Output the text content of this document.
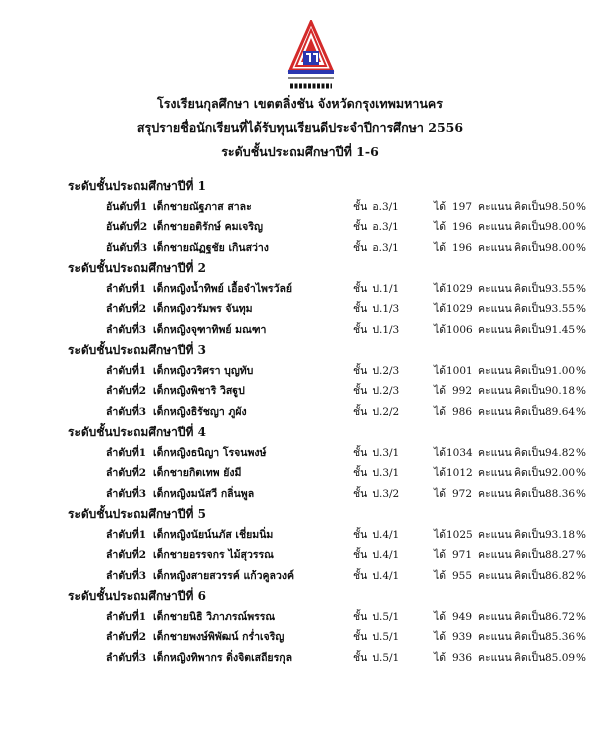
โรงเรียนกุลศึกษา เขตตลิ่งชัน จังหวัดกรุงเทพมหานคร
สรุปรายชื่อนักเรียนที่ได้รับทุนเรียนดีประจำปีการศึกษา 2556
ระดับชั้นประถมศึกษาปีที่ 1-6
ระดับชั้นประถมศึกษาปีที่ 1
อันดับที่1 เด็กชายณัฐภาส สาละ	ชั้น อ.3/1	ได้ 197 คะแนน คิดเป็น 98.50 %
อันดับที่2 เด็กชายอติรักษ์ คมเจริญ	ชั้น อ.3/1	ได้ 196 คะแนน คิดเป็น 98.00 %
อันดับที่3 เด็กชายณัฏฐชัย เกินสว่าง	ชั้น อ.3/1	ได้ 196 คะแนน คิดเป็น 98.00 %
ระดับชั้นประถมศึกษาปีที่ 2
ลำดับที่1 เด็กหญิงน้ำทิพย์ เอื้อจำไพรวัลย์	ชั้น ป.1/1	ได้ 1029 คะแนน คิดเป็น 93.55 %
ลำดับที่2 เด็กหญิงวรัมพร จันทุม	ชั้น ป.1/3	ได้ 1029 คะแนน คิดเป็น 93.55 %
ลำดับที่3 เด็กหญิงจุฑาทิพย์ มณฑา	ชั้น ป.1/3	ได้ 1006 คะแนน คิดเป็น 91.45 %
ระดับชั้นประถมศึกษาปีที่ 3
ลำดับที่1 เด็กหญิงวริศรา บุญทับ	ชั้น ป.2/3	ได้ 1001 คะแนน คิดเป็น 91.00 %
ลำดับที่2 เด็กหญิงพิชาริ วิสฐูป	ชั้น ป.2/3	ได้ 992 คะแนน คิดเป็น 90.18 %
ลำดับที่3 เด็กหญิงธิรัชญา ภูผัง	ชั้น ป.2/2	ได้ 986 คะแนน คิดเป็น 89.64 %
ระดับชั้นประถมศึกษาปีที่ 4
ลำดับที่1 เด็กหญิงธนิญา โรจนพงษ์	ชั้น ป.3/1	ได้ 1034 คะแนน คิดเป็น 94.82 %
ลำดับที่2 เด็กชายกิตเทพ ยังมี	ชั้น ป.3/1	ได้ 1012 คะแนน คิดเป็น 92.00 %
ลำดับที่3 เด็กหญิงมนัสวี กลิ่นพูล	ชั้น ป.3/2	ได้ 972 คะแนน คิดเป็น 88.36 %
ระดับชั้นประถมศึกษาปีที่ 5
ลำดับที่1 เด็กหญิงนัยน์นภัส เชี่ยมนิ่ม	ชั้น ป.4/1	ได้ 1025 คะแนน คิดเป็น 93.18 %
ลำดับที่2 เด็กชายอรรจกร ไม้สุวรรณ	ชั้น ป.4/1	ได้ 971 คะแนน คิดเป็น 88.27 %
ลำดับที่3 เด็กหญิงสายสวรรค์ แก้วคูลวงค์	ชั้น ป.4/1	ได้ 955 คะแนน คิดเป็น 86.82 %
ระดับชั้นประถมศึกษาปีที่ 6
ลำดับที่1 เด็กชายนิธิ วิภาภรณ์พรรณ	ชั้น ป.5/1	ได้ 949 คะแนน คิดเป็น 86.72 %
ลำดับที่2 เด็กชายพงษ์พิพัฒน์ กร่ำเจริญ	ชั้น ป.5/1	ได้ 939 คะแนน คิดเป็น 85.36 %
ลำดับที่3 เด็กหญิงทิพากร ดิ่งจิตเสถียรกุล	ชั้น ป.5/1	ได้ 936 คะแนน คิดเป็น 85.09 %
